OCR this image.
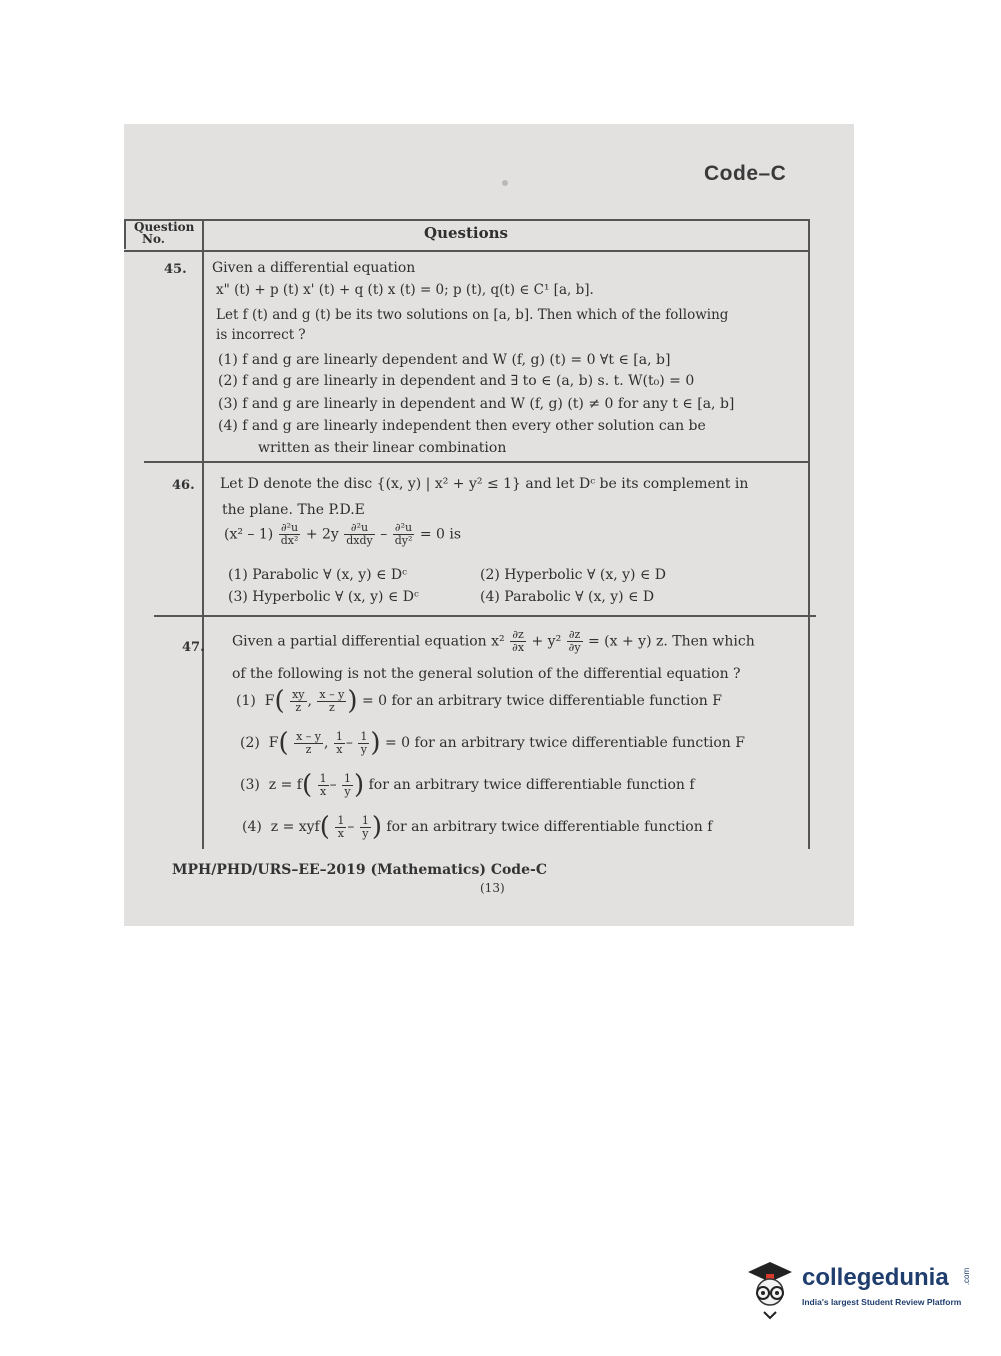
Code–C
Question
No.	Questions
45. Given a differential equation
x" (t) + p (t) x' (t) + q (t) x (t) = 0; p (t), q(t) ∈ C¹ [a, b].
Let f (t) and g (t) be its two solutions on [a, b]. Then which of the following
is incorrect ?
(1) f and g are linearly dependent and W (f, g) (t) = 0 ∀t ∈ [a, b]
(2) f and g are linearly in dependent and ∃ to ∈ (a, b) s. t. W(t₀) = 0
(3) f and g are linearly in dependent and W (f, g) (t) ≠ 0 for any t ∈ [a, b]
(4) f and g are linearly independent then every other solution can be
written as their linear combination
46. Let D denote the disc {(x, y) | x² + y² ≤ 1} and let Dᶜ be its complement in
the plane. The P.D.E
$(x^2 - 1) \frac{\text{∂²u}}{\text{dx²}} + 2y \frac{\text{∂²u}}{\text{dxdy}} - \frac{\text{∂²u}}{\text{dy²}} = 0$ is
(1) Parabolic ∀ (x, y) ∈ Dᶜ	(2) Hyperbolic ∀ (x, y) ∈ D
(3) Hyperbolic ∀ (x, y) ∈ Dᶜ	(4) Parabolic ∀ (x, y) ∈ D
47. Given a partial differential equation $x^2 \frac{\partial z}{\partial x} + y^2 \frac{\partial z}{\partial y} = (x + y)$ z. Then which
of the following is not the general solution of the differential equation ?
(1) $F( \frac{xy}{z}$ , $\frac{x - y}{z}$ ) = 0 for an arbitrary twice differentiable function F
(2) $F( \frac{x - y}{z}$ , $\frac{1}{x} - \frac{1}{y}$ ) = 0 for an arbitrary twice differentiable function F
(3) $z = f( \frac{1}{x} - \frac{1}{y}$ ) for an arbitrary twice differentiable function f
(4) $z = xyf( \frac{1}{x} - \frac{1}{y}$ ) for an arbitrary twice differentiable function f
MPH/PHD/URS–EE–2019 (Mathematics) Code-C
(13)
collegedunia .com
India's largest Student Review Platform
